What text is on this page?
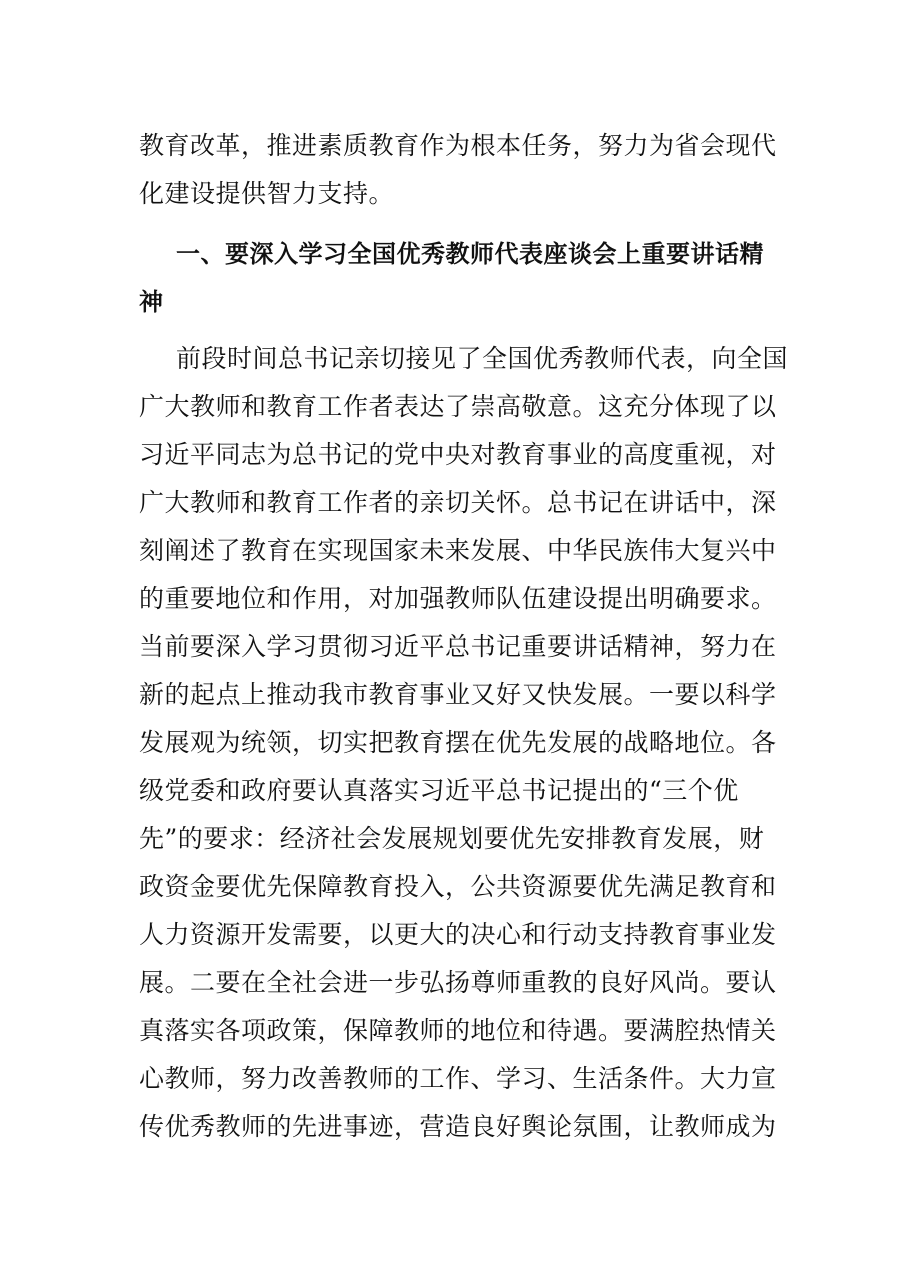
教育改革，推进素质教育作为根本任务，努力为省会现代
化建设提供智力支持。
一、要深入学习全国优秀教师代表座谈会上重要讲话精
神
前段时间总书记亲切接见了全国优秀教师代表，向全国
广大教师和教育工作者表达了崇高敬意。这充分体现了以
习近平同志为总书记的党中央对教育事业的高度重视，对
广大教师和教育工作者的亲切关怀。总书记在讲话中，深
刻阐述了教育在实现国家未来发展、中华民族伟大复兴中
的重要地位和作用，对加强教师队伍建设提出明确要求。
当前要深入学习贯彻习近平总书记重要讲话精神，努力在
新的起点上推动我市教育事业又好又快发展。一要以科学
发展观为统领，切实把教育摆在优先发展的战略地位。各
级党委和政府要认真落实习近平总书记提出的“三个优
先”的要求：经济社会发展规划要优先安排教育发展，财
政资金要优先保障教育投入，公共资源要优先满足教育和
人力资源开发需要，以更大的决心和行动支持教育事业发
展。二要在全社会进一步弘扬尊师重教的良好风尚。要认
真落实各项政策，保障教师的地位和待遇。要满腔热情关
心教师，努力改善教师的工作、学习、生活条件。大力宣
传优秀教师的先进事迹，营造良好舆论氛围，让教师成为
